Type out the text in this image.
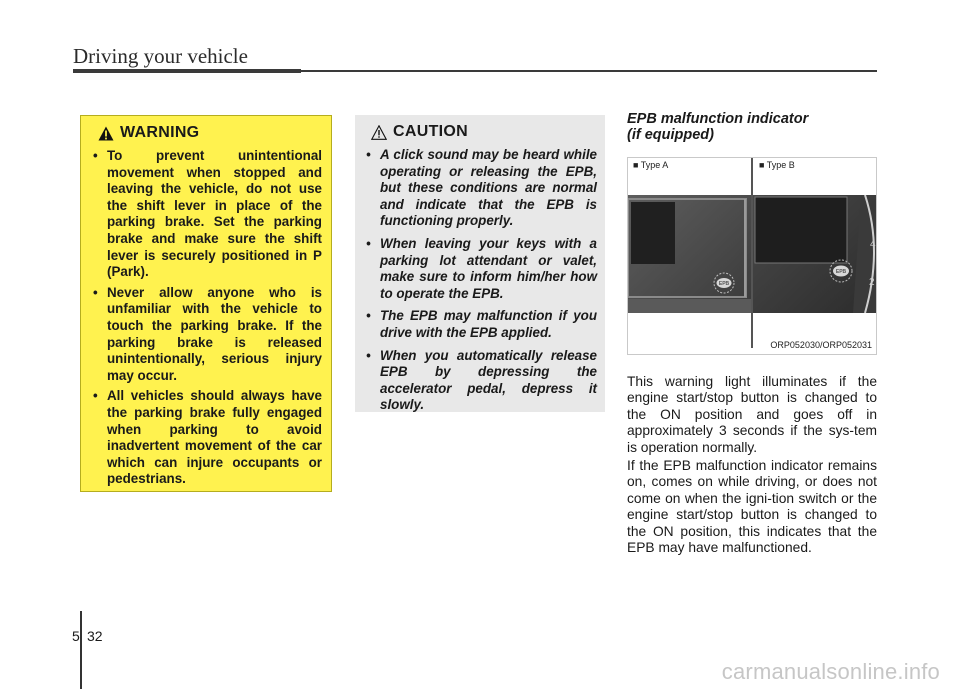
Driving your vehicle
WARNING
• To prevent unintentional movement when stopped and leaving the vehicle, do not use the shift lever in place of the parking brake. Set the parking brake and make sure the shift lever is securely positioned in P (Park).
• Never allow anyone who is unfamiliar with the vehicle to touch the parking brake. If the parking brake is released unintentionally, serious injury may occur.
• All vehicles should always have the parking brake fully engaged when parking to avoid inadvertent movement of the car which can injure occupants or pedestrians.
CAUTION
• A click sound may be heard while operating or releasing the EPB, but these conditions are normal and indicate that the EPB is functioning properly.
• When leaving your keys with a parking lot attendant or valet, make sure to inform him/her how to operate the EPB.
• The EPB may malfunction if you drive with the EPB applied.
• When you automatically release EPB by depressing the accelerator pedal, depress it slowly.
EPB malfunction indicator
(if equipped)
■ Type A	■ Type B
EPB
4
2
EPB
ORP052030/ORP052031

This warning light illuminates if the engine start/stop button is changed to the ON position and goes off in approximately 3 seconds if the sys-tem is operation normally.

If the EPB malfunction indicator remains on, comes on while driving, or does not come on when the igni-tion switch or the engine start/stop button is changed to the ON position, this indicates that the EPB may have malfunctioned.

5 32
carmanualsonline.info
